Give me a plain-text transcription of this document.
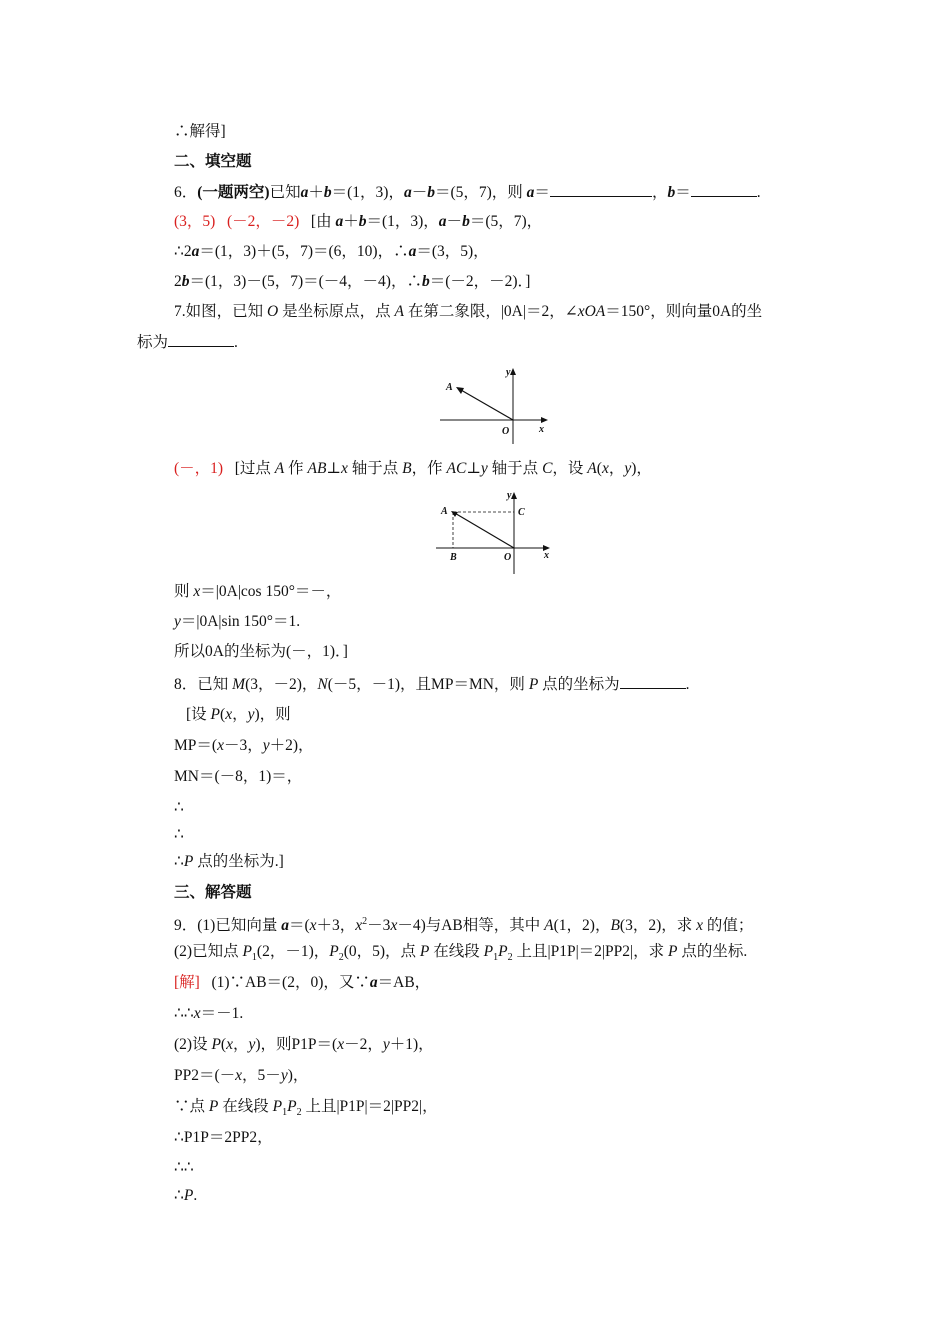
∴解得]
二、填空题
6．(一题两空)已知a＋b＝(1，3)，a－b＝(5，7)，则 a＝	，b＝	.
(3，5) (－2，－2) [由 a＋b＝(1，3)，a－b＝(5，7)，
∴2a＝(1，3)＋(5，7)＝(6，10)，∴a＝(3，5)，
2b＝(1，3)－(5，7)＝(－4，－4)，∴b＝(－2，－2)．]
7.如图，已知 O 是坐标原点，点 A 在第二象限，|0A|＝2，∠xOA＝150°，则向量0A的坐
标为	.
A
y
O	x
(－，1) [过点 A 作 AB⊥x 轴于点 B，作 AC⊥y 轴于点 C，设 A(x，y)，
A	C
y
B	O	x
则 x＝|0A|cos 150°＝－，
y＝|0A|sin 150°＝1.
所以0A的坐标为(－，1)．]
8．已知 M(3，－2)，N(－5，－1)，且MP＝MN，则 P 点的坐标为	.
[设 P(x，y)，则
MP＝(x－3，y＋2)，
MN＝(－8，1)＝，
∴
∴
∴P 点的坐标为.]
三、解答题
9．(1)已知向量 a＝(x＋3，$x^2-3x-4$)与AB相等，其中 A(1，2)，B(3，2)，求 x 的值；
(2)已知点 $P_1(2$，－1)，$P_2(0$，5)，点 P 在线段 $P_1P_2$ 上且|P1P|＝2|PP2|，求 P 点的坐标.
[解] (1)∵AB＝(2，0)，又∵a＝AB，
∴∴x＝－1.
(2)设 P(x，y)，则P1P＝(x－2，y＋1)，
PP2＝(－x，5－y)，
∵点 P 在线段 $P_1P_2$ 上且|P1P|＝2|PP2|，
∴P1P＝2PP2，
∴∴
∴P.
